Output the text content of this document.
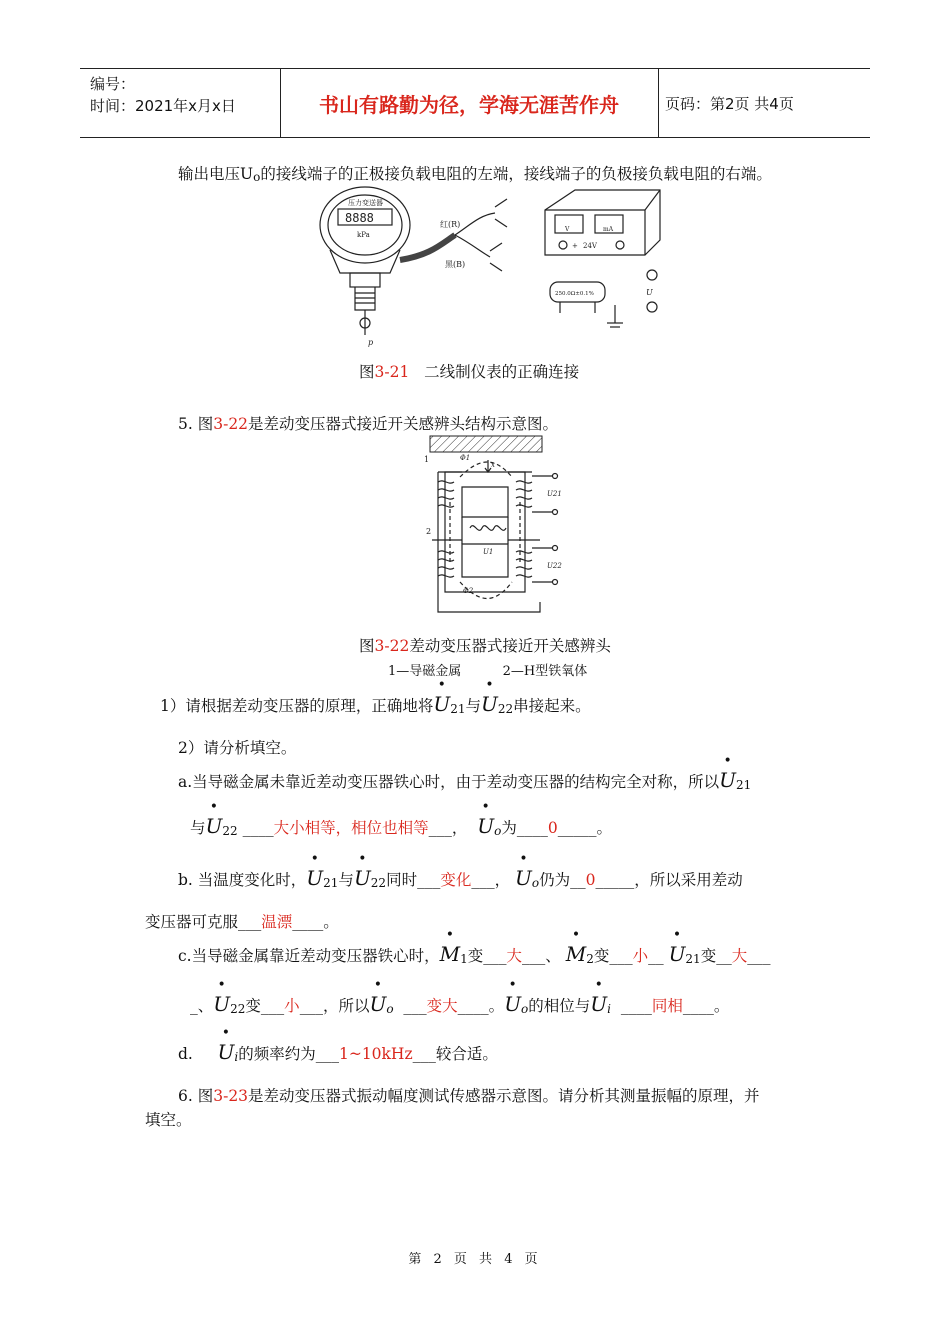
编号：
时间：2021年x月x日	书山有路勤为径，学海无涯苦作舟	页码：第2页 共4页
输出电压$U_o$的接线端子的正极接负载电阻的左端，接线端子的负极接负载电阻的右端。
压力变送器
8888
kPa
红(R)
黑(B)
p
V	mA
24V
+
250.0Ω±0.1%	U
图3-21 二线制仪表的正确连接
5. 图3-22是差动变压器式接近开关感辨头结构示意图。
1
2
Φ1
Φ2
x
U21
U22
U1
图3-22差动变压器式接近开关感辨头
1—导磁金属	2—H型铁氧体
1）请根据差动变压器的原理，正确地将• $U_{21}$与• $U_{22}$串接起来。
2）请分析填空。
a.当导磁金属未靠近差动变压器铁心时，由于差动变压器的结构完全对称，所以• $U_{21}$
与• $U_{22}$ ____大小相等，相位也相等___， • $U_o$为____0_____。
b. 当温度变化时，• $U_{21}$与• $U_{22}$同时___变化___， • $U_o$仍为__0_____，所以采用差动
变压器可克服___温漂____。
c.当导磁金属靠近差动变压器铁心时，• $M_1$变___大___、 • $M_2$变___小__ • $U_{21}$变__大___
_、• $U_{22}$变___小___，所以• $U_o$  ___变大____。• $U_o$的相位与• $U_i$  ____同相____。
d. • $U_i$的频率约为___1~10kHz___较合适。
6. 图3-23是差动变压器式振动幅度测试传感器示意图。请分析其测量振幅的原理，并
填空。
第 2 页 共 4 页
